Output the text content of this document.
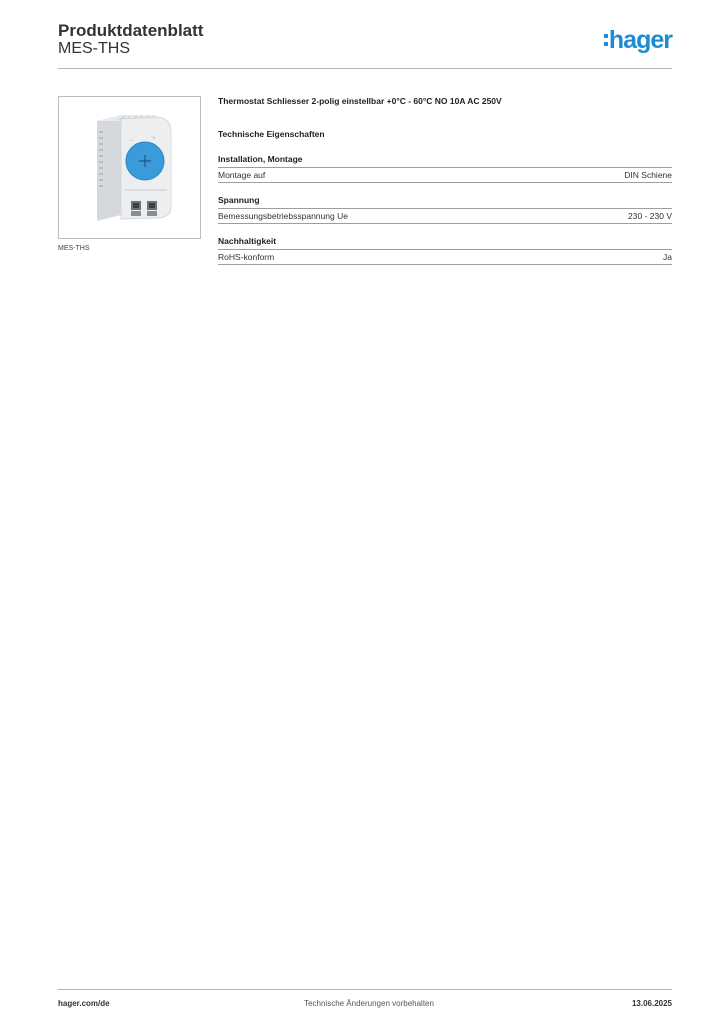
Produktdatenblatt
MES-THS	hager
—	°C
MES-THS
Thermostat Schliesser 2-polig einstellbar +0°C - 60°C NO 10A AC 250V
Technische Eigenschaften
Installation, Montage
Montage auf	DIN Schiene
Spannung
Bemessungsbetriebsspannung Ue	230 - 230 V
Nachhaltigkeit
RoHS-konform	Ja
hager.com/de	Technische Änderungen vorbehalten	13.06.2025
